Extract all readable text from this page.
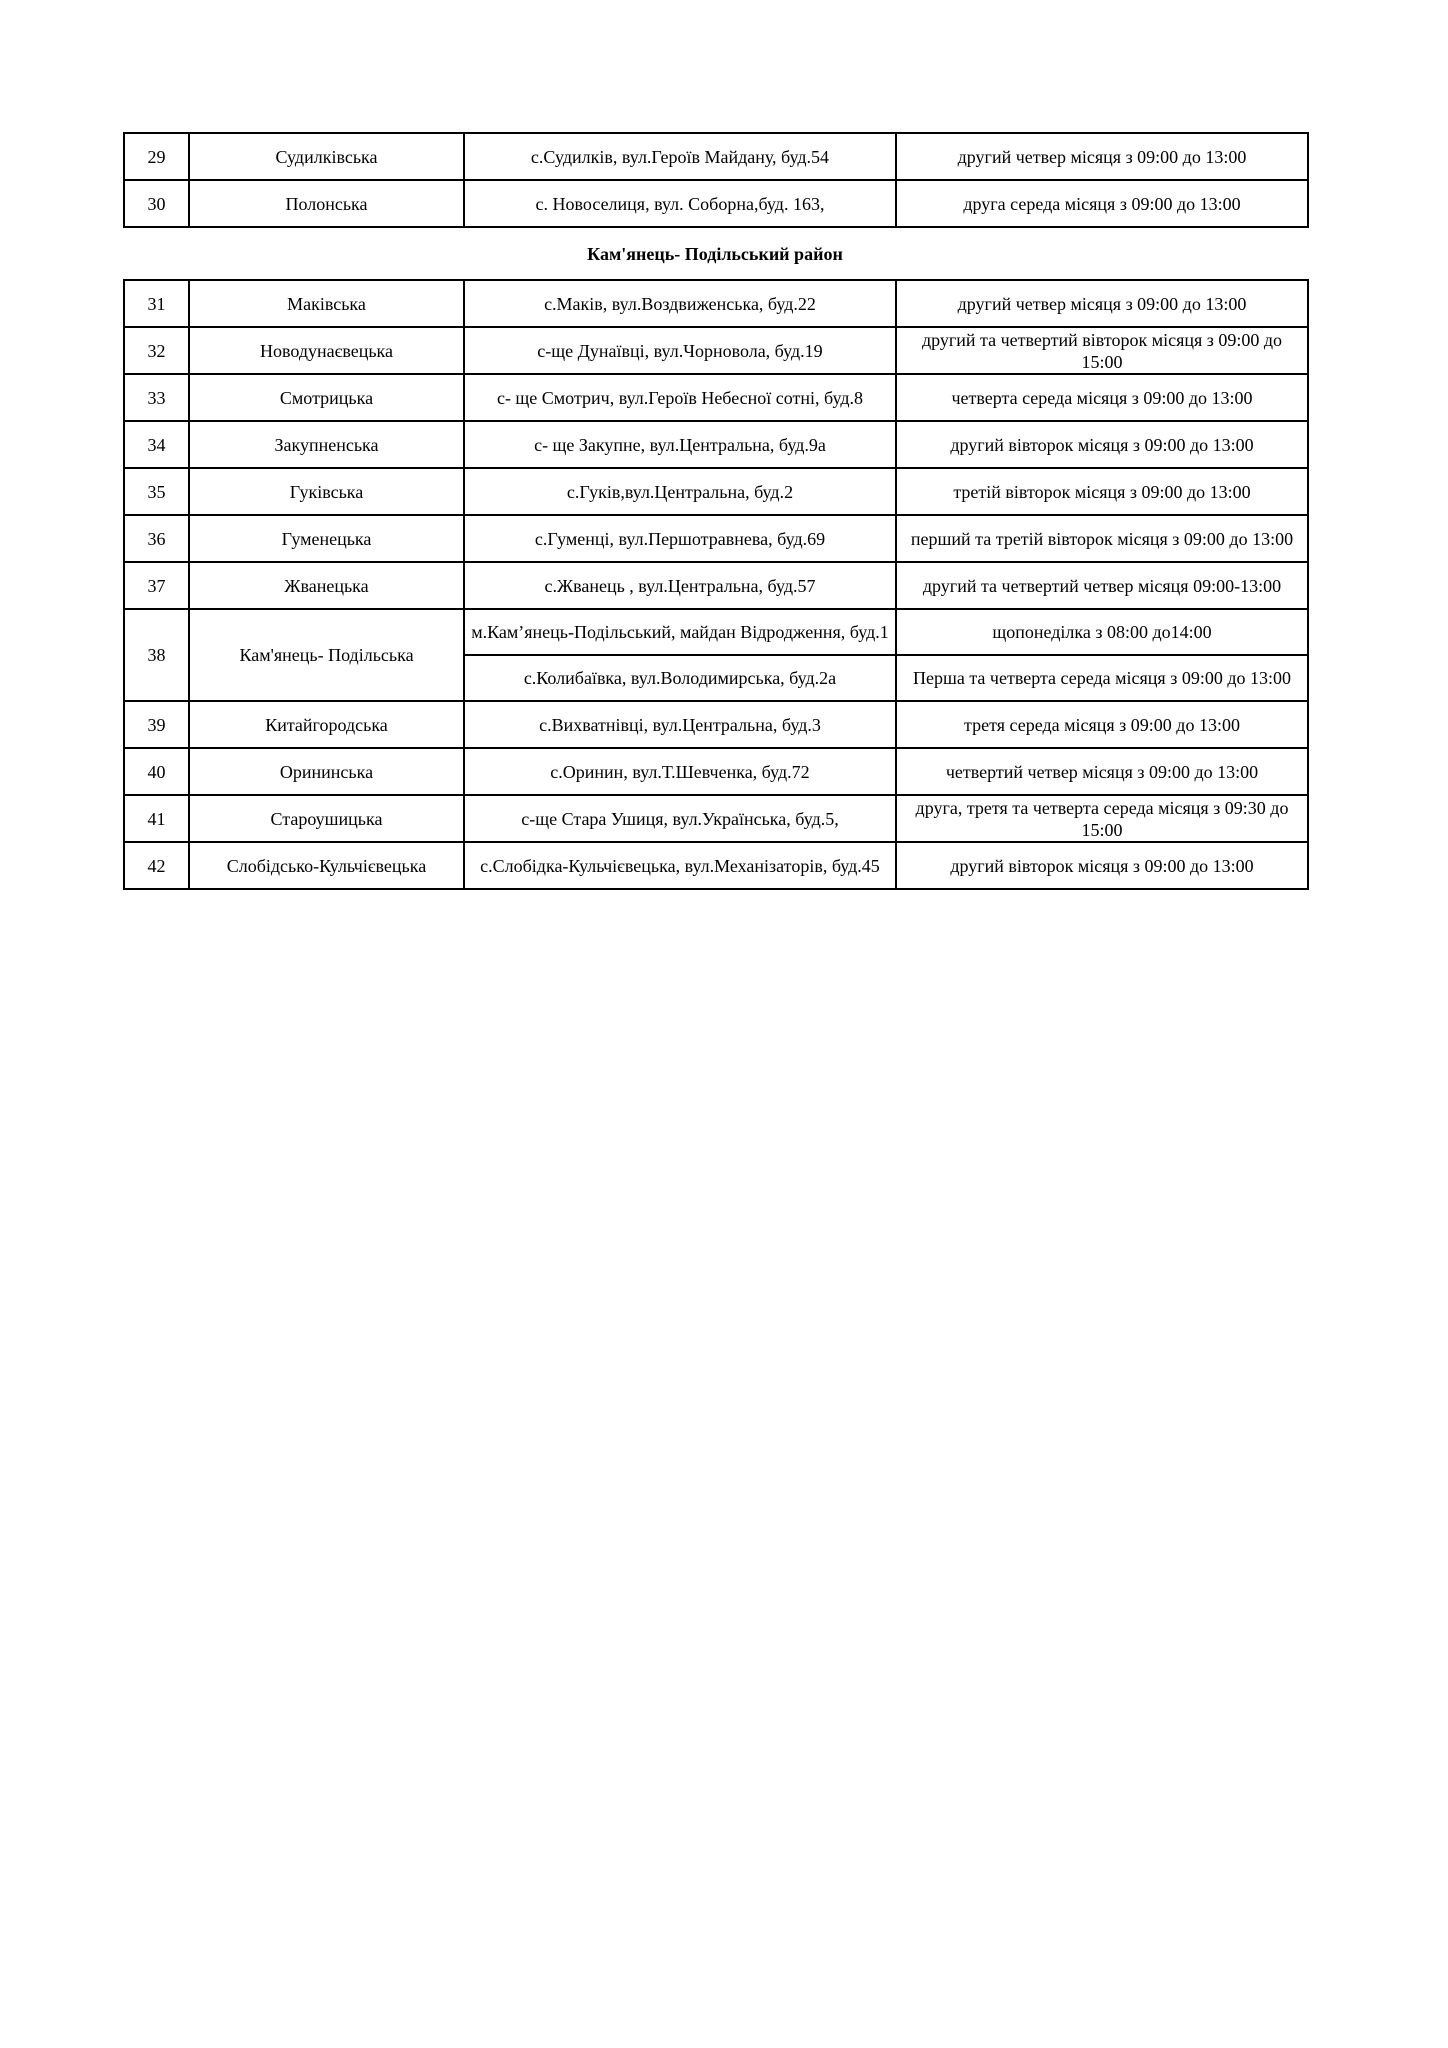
29	Судилківська	с.Судилків, вул.Героїв Майдану, буд.54	другий четвер місяця з 09:00 до 13:00
30	Полонська	с. Новоселиця, вул. Соборна,буд. 163,	друга середа місяця з 09:00 до 13:00
Кам'янець- Подільський район
31	Маківська	с.Маків, вул.Воздвиженська, буд.22	другий четвер місяця з 09:00 до 13:00
32	Новодунаєвецька	с-ще Дунаївці, вул.Чорновола, буд.19	другий та четвертий вівторок місяця з 09:00 до 15:00
33	Смотрицька	с- ще Смотрич, вул.Героїв Небесної сотні, буд.8	четверта середа місяця з 09:00 до 13:00
34	Закупненська	с- ще Закупне, вул.Центральна, буд.9а	другий вівторок місяця з 09:00 до 13:00
35	Гуківська	с.Гуків,вул.Центральна, буд.2	третій вівторок місяця з 09:00 до 13:00
36	Гуменецька	с.Гуменці, вул.Першотравнева, буд.69	перший та третій вівторок місяця з 09:00 до 13:00
37	Жванецька	с.Жванець , вул.Центральна, буд.57	другий та четвертий четвер місяця 09:00-13:00
38	Кам'янець- Подільська	м.Кам’янець-Подільський, майдан Відродження, буд.1	щопонеділка з 08:00 до14:00
		с.Колибаївка, вул.Володимирська, буд.2а	Перша та четверта середа місяця з 09:00 до 13:00
39	Китайгородська	с.Вихватнівці, вул.Центральна, буд.3	третя середа місяця з 09:00 до 13:00
40	Орининська	с.Оринин, вул.Т.Шевченка, буд.72	четвертий четвер місяця з 09:00 до 13:00
41	Староушицька	с-ще Стара Ушиця, вул.Українська, буд.5,	друга, третя та четверта середа місяця з 09:30 до 15:00
42	Слобідсько-Кульчієвецька	с.Слобідка-Кульчієвецька, вул.Механізаторів, буд.45	другий вівторок місяця з 09:00 до 13:00
